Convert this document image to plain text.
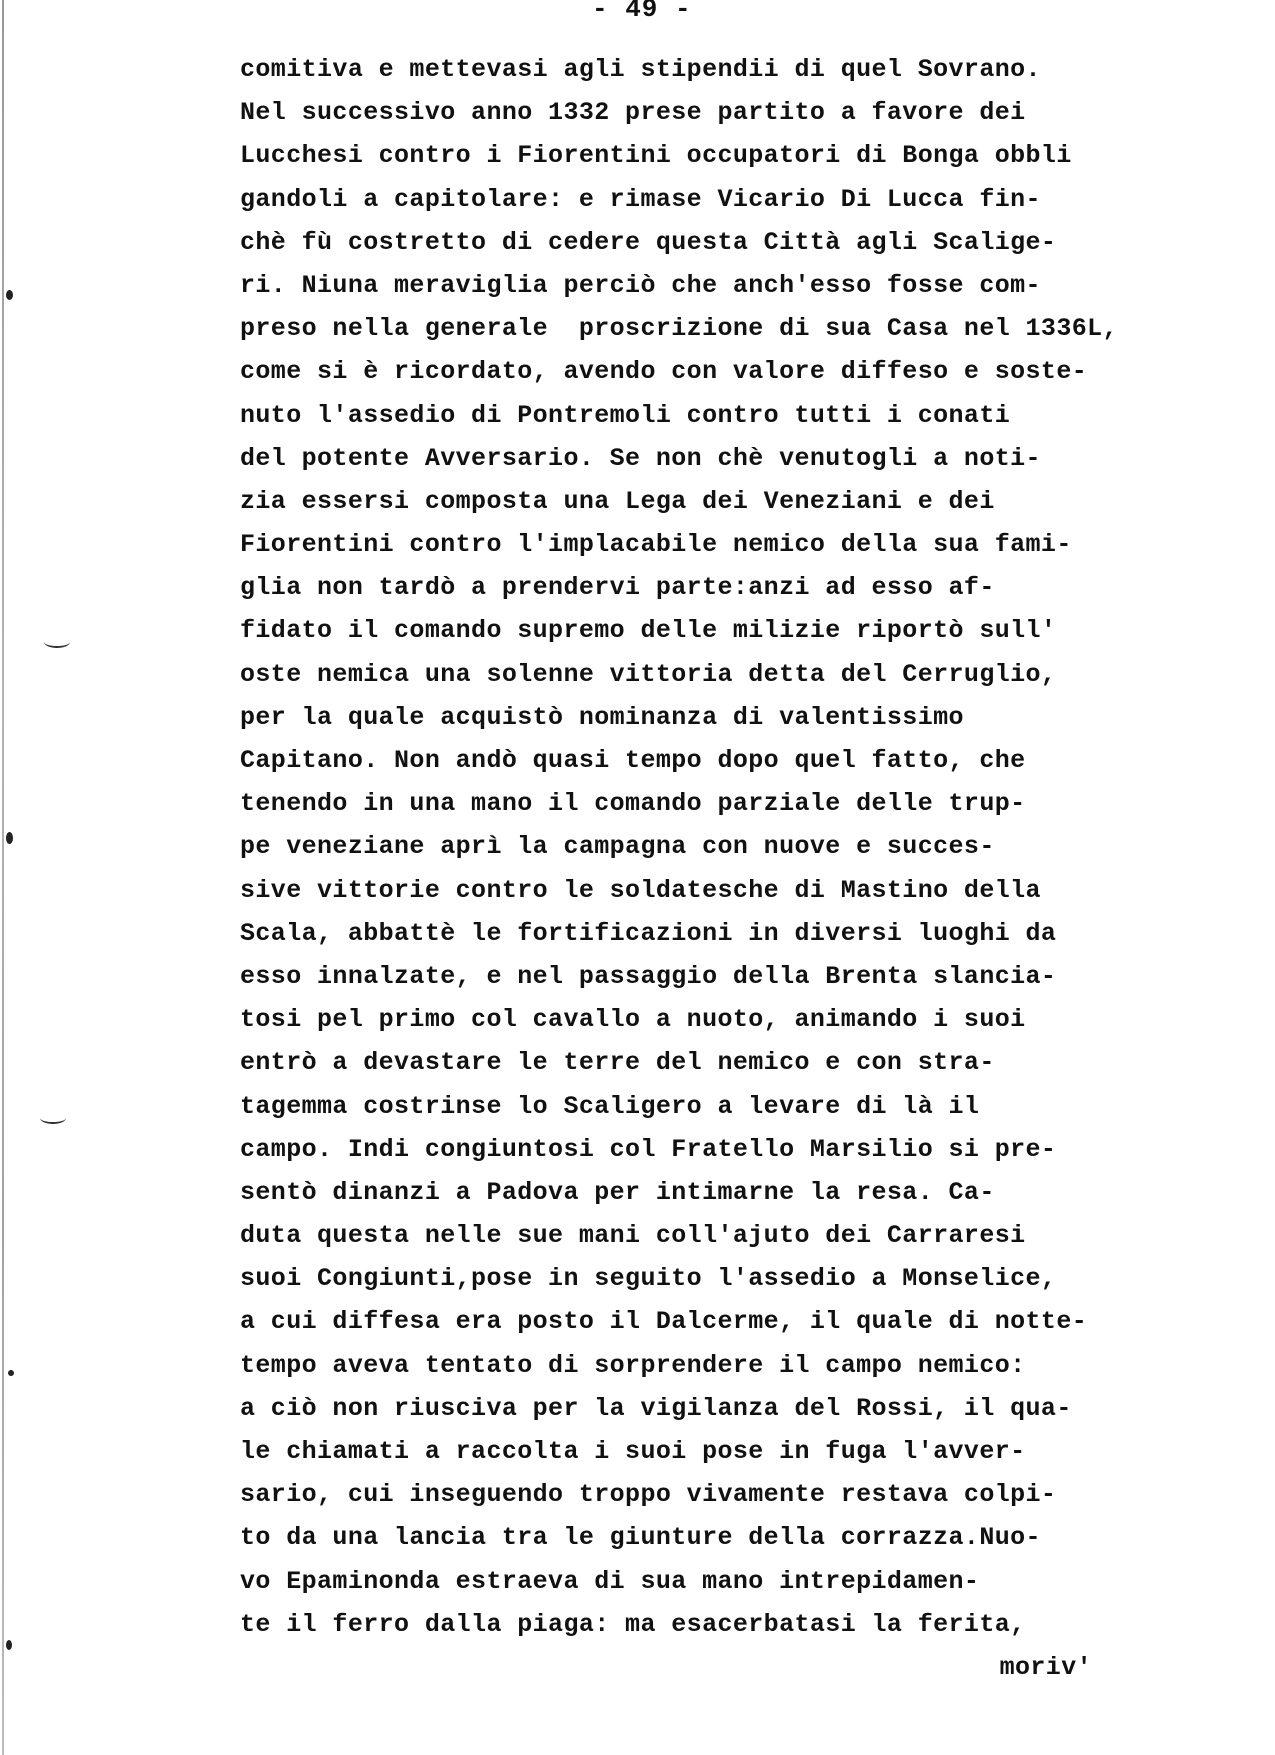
- 49 -
comitiva e mettevasi agli stipendii di quel Sovrano.
Nel successivo anno 1332 prese partito a favore dei
Lucchesi contro i Fiorentini occupatori di Bonga obbli
gandoli a capitolare: e rimase Vicario Di Lucca fin-
chè fù costretto di cedere questa Città agli Scalige-
ri. Niuna meraviglia perciò che anch'esso fosse com-
preso nella generale  proscrizione di sua Casa nel 1336L,
come si è ricordato, avendo con valore diffeso e soste-
nuto l'assedio di Pontremoli contro tutti i conati
del potente Avversario. Se non chè venutogli a noti-
zia essersi composta una Lega dei Veneziani e dei
Fiorentini contro l'implacabile nemico della sua fami-
glia non tardò a prendervi parte:anzi ad esso af-
fidato il comando supremo delle milizie riportò sull'
oste nemica una solenne vittoria detta del Cerruglio,
per la quale acquistò nominanza di valentissimo
Capitano. Non andò quasi tempo dopo quel fatto, che
tenendo in una mano il comando parziale delle trup-
pe veneziane aprì la campagna con nuove e succes-
sive vittorie contro le soldatesche di Mastino della
Scala, abbattè le fortificazioni in diversi luoghi da
esso innalzate, e nel passaggio della Brenta slancia-
tosi pel primo col cavallo a nuoto, animando i suoi
entrò a devastare le terre del nemico e con stra-
tagemma costrinse lo Scaligero a levare di là il
campo. Indi congiuntosi col Fratello Marsilio si pre-
sentò dinanzi a Padova per intimarne la resa. Ca-
duta questa nelle sue mani coll'ajuto dei Carraresi
suoi Congiunti,pose in seguito l'assedio a Monselice,
a cui diffesa era posto il Dalcerme, il quale di notte-
tempo aveva tentato di sorprendere il campo nemico:
a ciò non riusciva per la vigilanza del Rossi, il qua-
le chiamati a raccolta i suoi pose in fuga l'avver-
sario, cui inseguendo troppo vivamente restava colpi-
to da una lancia tra le giunture della corrazza.Nuo-
vo Epaminonda estraeva di sua mano intrepidamen-
te il ferro dalla piaga: ma esacerbatasi la ferita,
moriv'
